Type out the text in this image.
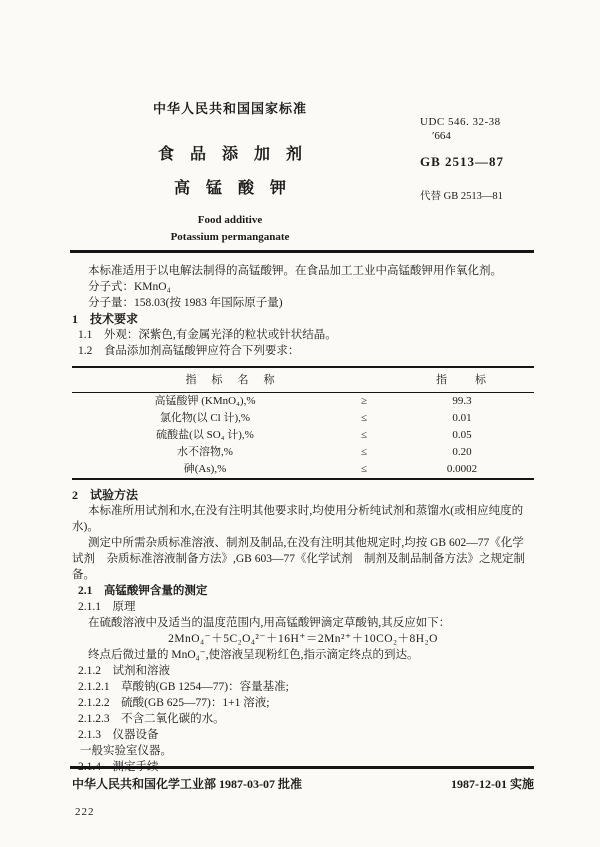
中华人民共和国国家标准
食　品　添　加　剂
高　锰　酸　钾
Food additive
Potassium permanganate
UDC 546. 32-38
′664
GB 2513—87
代替 GB 2513—81

本标准适用于以电解法制得的高锰酸钾。在食品加工工业中高锰酸钾用作氧化剂。

分子式：KMnO₄

分子量：158.03(按 1983 年国际原子量)

1　技术要求

1.1　外观：深紫色,有金属光泽的粒状或针状结晶。

1.2　食品添加剂高锰酸钾应符合下列要求：

指　标　名　称		指　　标
高锰酸钾 (KMnO₄),%	≥	99.3
氯化物(以 Cl 计),%	≤	0.01
硫酸盐(以 SO₄ 计),%	≤	0.05
水不溶物,%	≤	0.20
砷(As),%	≤	0.0002

2　试验方法

本标准所用试剂和水,在没有注明其他要求时,均使用分析纯试剂和蒸馏水(或相应纯度的水)。

测定中所需杂质标准溶液、制剂及制品,在没有注明其他规定时,均按 GB 602—77《化学试剂　杂质标准溶液制备方法》,GB 603—77《化学试剂　制剂及制品制备方法》之规定制备。

2.1　高锰酸钾含量的测定

2.1.1　原理

在硫酸溶液中及适当的温度范围内,用高锰酸钾滴定草酸钠,其反应如下：

2MnO₄⁻＋5C₂O₄²⁻＋16H⁺＝2Mn²⁺＋10CO₂＋8H₂O

终点后微过量的 MnO₄⁻,使溶液呈现粉红色,指示滴定终点的到达。

2.1.2　试剂和溶液

2.1.2.1　草酸钠(GB 1254—77)：容量基准;

2.1.2.2　硫酸(GB 625—77)：1+1 溶液;

2.1.2.3　不含二氧化碳的水。

2.1.3　仪器设备

一般实验室仪器。

中华人民共和国化学工业部 1987-03-07 批准	1987-12-01 实施
222
